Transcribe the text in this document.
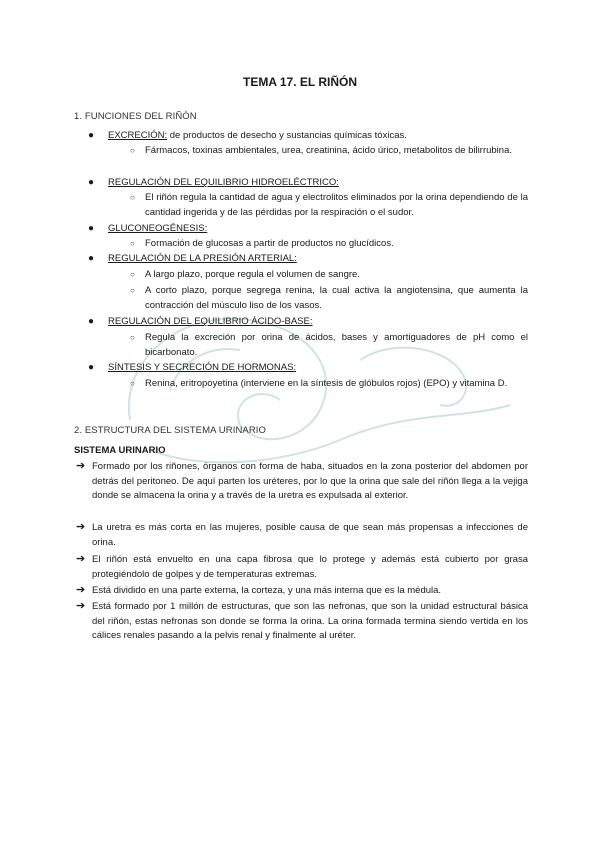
TEMA 17. EL RIÑÓN
1. FUNCIONES DEL RIÑÓN
●	EXCRECIÓN: de productos de desecho y sustancias químicas tóxicas.
○	Fármacos, toxinas ambientales, urea, creatinina, ácido úrico, metabolitos de bilirrubina.
●	REGULACIÓN DEL EQUILIBRIO HIDROELÉCTRICO:
○	El riñón regula la cantidad de agua y electrolitos eliminados por la orina dependiendo de la cantidad ingerida y de las pérdidas por la respiración o el sudor.
●	GLUCONEOGÉNESIS:
○	Formación de glucosas a partir de productos no glucídicos.
●	REGULACIÓN DE LA PRESIÓN ARTERIAL:
○	A largo plazo, porque regula el volumen de sangre.
○	A corto plazo, porque segrega renina, la cual activa la angiotensina, que aumenta la contracción del músculo liso de los vasos.
●	REGULACIÓN DEL EQUILIBRIO ÁCIDO-BASE:
○	Regula la excreción por orina de ácidos, bases y amortiguadores de pH como el bicarbonato.
●	SÍNTESIS Y SECRECIÓN DE HORMONAS:
○	Renina, eritropoyetina (interviene en la síntesis de glóbulos rojos) (EPO) y vitamina D.
2. ESTRUCTURA DEL SISTEMA URINARIO
SISTEMA URINARIO
➔ Formado por los riñones, órganos con forma de haba, situados en la zona posterior del abdomen por detrás del peritoneo. De aquí parten los uréteres, por lo que la orina que sale del riñón llega a la vejiga donde se almacena la orina y a través de la uretra es expulsada al exterior.
➔ La uretra es más corta en las mujeres, posible causa de que sean más propensas a infecciones de orina.
➔ El riñón está envuelto en una capa fibrosa que lo protege y además está cubierto por grasa protegiéndolo de golpes y de temperaturas extremas.
➔ Está dividido en una parte externa, la corteza, y una más interna que es la médula.
➔ Está formado por 1 millón de estructuras, que son las nefronas, que son la unidad estructural básica del riñón, estas nefronas son donde se forma la orina. La orina formada termina siendo vertida en los cálices renales pasando a la pelvis renal y finalmente al uréter.
